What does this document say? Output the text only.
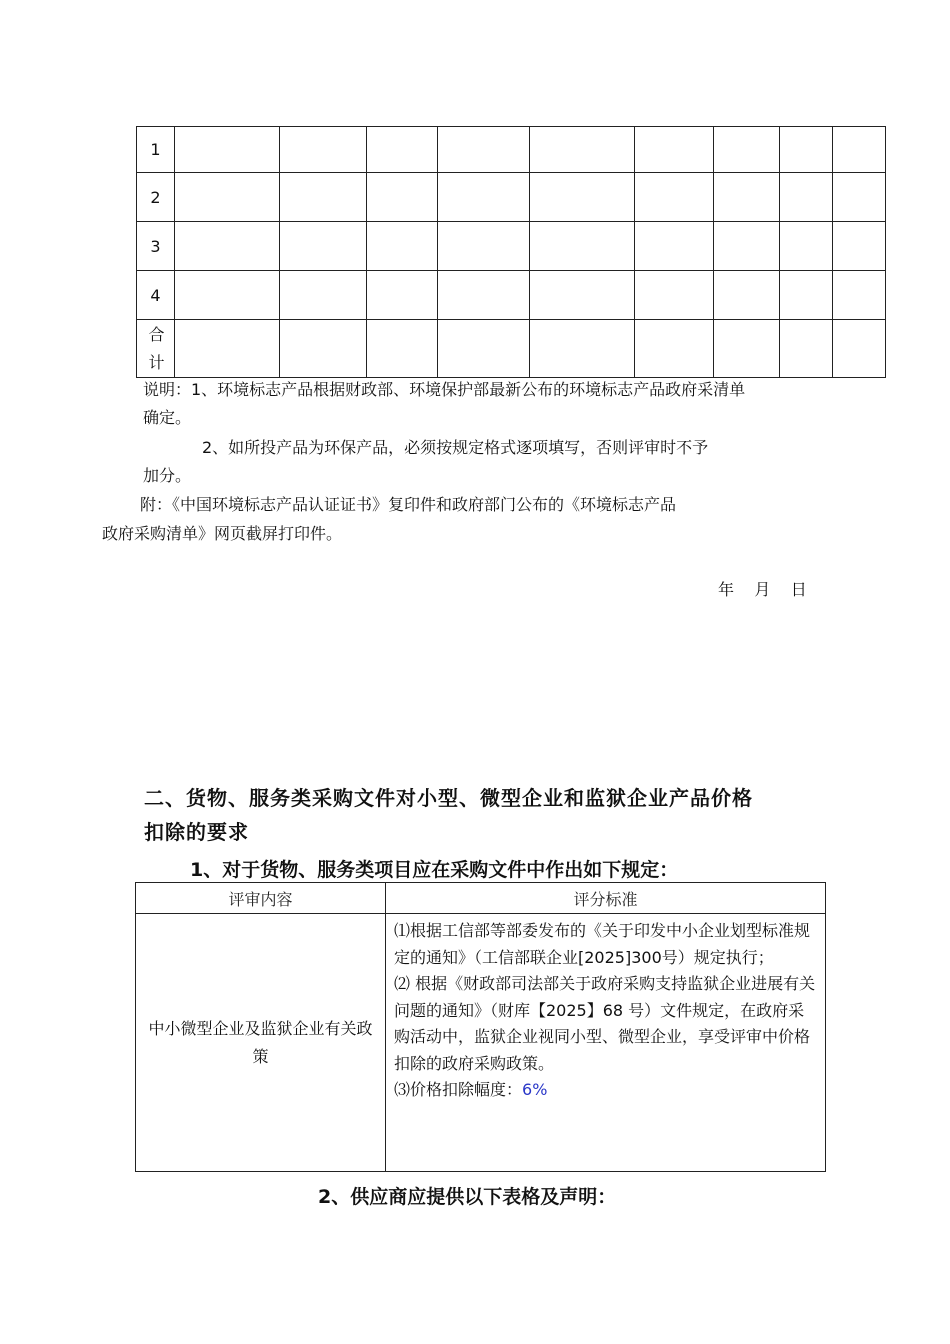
1									
2									
3									
4									
合计									
说明：1、环境标志产品根据财政部、环境保护部最新公布的环境标志产品政府采清单
确定。
2、如所投产品为环保产品，必须按规定格式逐项填写，否则评审时不予
加分。
附：《中国环境标志产品认证证书》复印件和政府部门公布的《环境标志产品
政府采购清单》网页截屏打印件。
年    月    日
二、货物、服务类采购文件对小型、微型企业和监狱企业产品价格
扣除的要求
1、对于货物、服务类项目应在采购文件中作出如下规定：
评审内容	评分标准
中小微型企业及监狱企业有关政策	⑴根据工信部等部委发布的《关于印发中小企业划型标准规定的通知》（工信部联企业[2025]300号）规定执行；
⑵ 根据《财政部司法部关于政府采购支持监狱企业进展有关问题的通知》（财库【2025】68 号）文件规定，在政府采购活动中，监狱企业视同小型、微型企业，享受评审中价格扣除的政府采购政策。
⑶价格扣除幅度：6%
2、供应商应提供以下表格及声明：
